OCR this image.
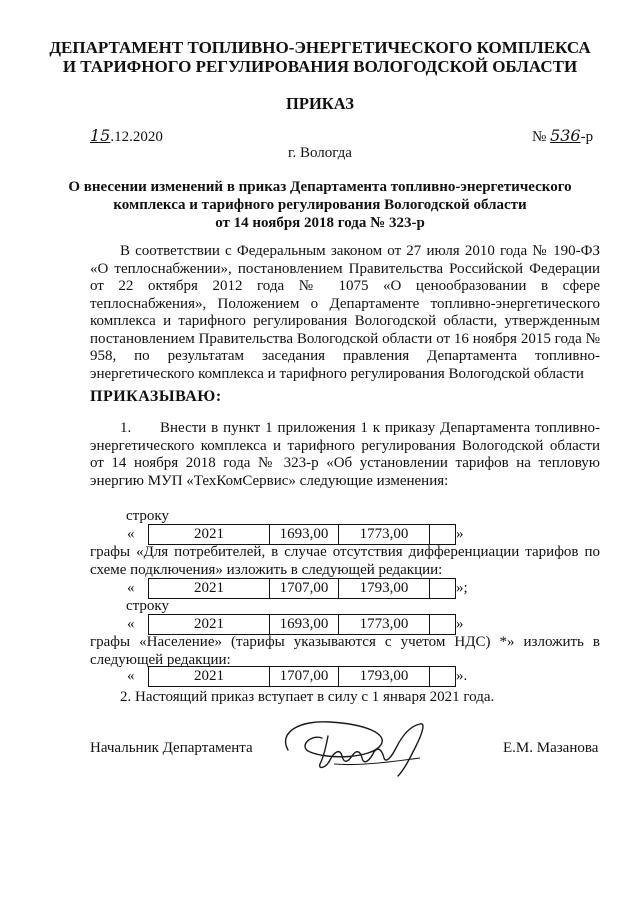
ДЕПАРТАМЕНТ ТОПЛИВНО-ЭНЕРГЕТИЧЕСКОГО КОМПЛЕКСА
И ТАРИФНОГО РЕГУЛИРОВАНИЯ ВОЛОГОДСКОЙ ОБЛАСТИ
ПРИКАЗ
15.12.2020	№ 536-р
г. Вологда
О внесении изменений в приказ Департамента топливно-энергетического
комплекса и тарифного регулирования Вологодской области
от 14 ноября 2018 года № 323-р
В соответствии с Федеральным законом от 27 июля 2010 года № 190-ФЗ «О теплоснабжении», постановлением Правительства Российской Федерации от 22 октября 2012 года № 1075 «О ценообразовании в сфере теплоснабжения», Положением о Департаменте топливно-энергетического комплекса и тарифного регулирования Вологодской области, утвержденным постановлением Правительства Вологодской области от 16 ноября 2015 года № 958, по результатам заседания правления Департамента топливно-энергетического комплекса и тарифного регулирования Вологодской области
ПРИКАЗЫВАЮ:
1. Внести в пункт 1 приложения 1 к приказу Департамента топливно-энергетического комплекса и тарифного регулирования Вологодской области от 14 ноября 2018 года № 323-р «Об установлении тарифов на тепловую энергию МУП «ТехКомСервис» следующие изменения:
строку
«	2021	1693,00	1773,00		»
графы «Для потребителей, в случае отсутствия дифференциации тарифов по схеме подключения» изложить в следующей редакции:
«	2021	1707,00	1793,00		»;
строку
«	2021	1693,00	1773,00		»
графы «Население» (тарифы указываются с учетом НДС) *» изложить в следующей редакции:
«	2021	1707,00	1793,00		».
2. Настоящий приказ вступает в силу с 1 января 2021 года.
Начальник Департамента	Е.М. Мазанова
